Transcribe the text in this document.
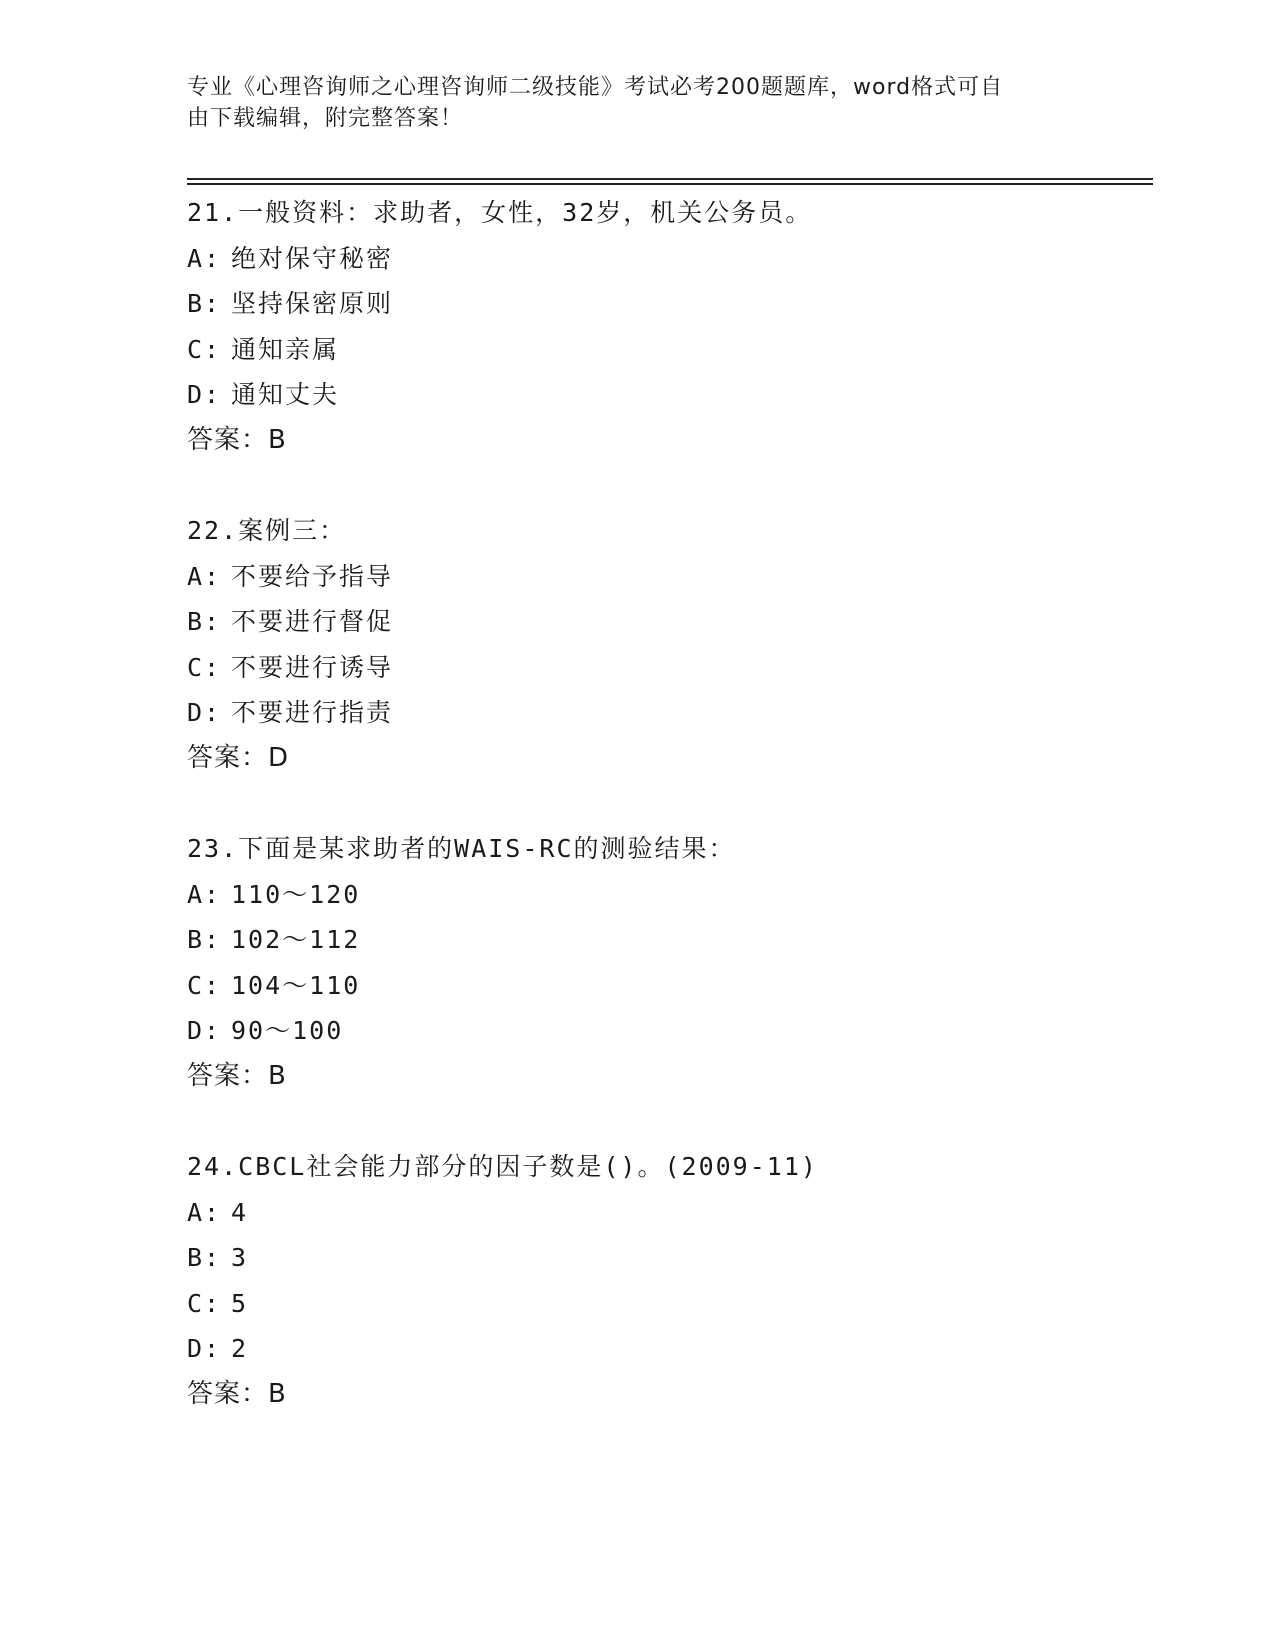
专业《心理咨询师之心理咨询师二级技能》考试必考200题题库，word格式可自
由下载编辑，附完整答案！
21.一般资料：求助者，女性，32岁，机关公务员。
A: 绝对保守秘密
B: 坚持保密原则
C: 通知亲属
D: 通知丈夫
答案：B
22.案例三：
A: 不要给予指导
B: 不要进行督促
C: 不要进行诱导
D: 不要进行指责
答案：D
23.下面是某求助者的WAIS-RC的测验结果：
A: 110～120
B: 102～112
C: 104～110
D: 90～100
答案：B
24.CBCL社会能力部分的因子数是()。(2009-11)
A: 4
B: 3
C: 5
D: 2
答案：B
